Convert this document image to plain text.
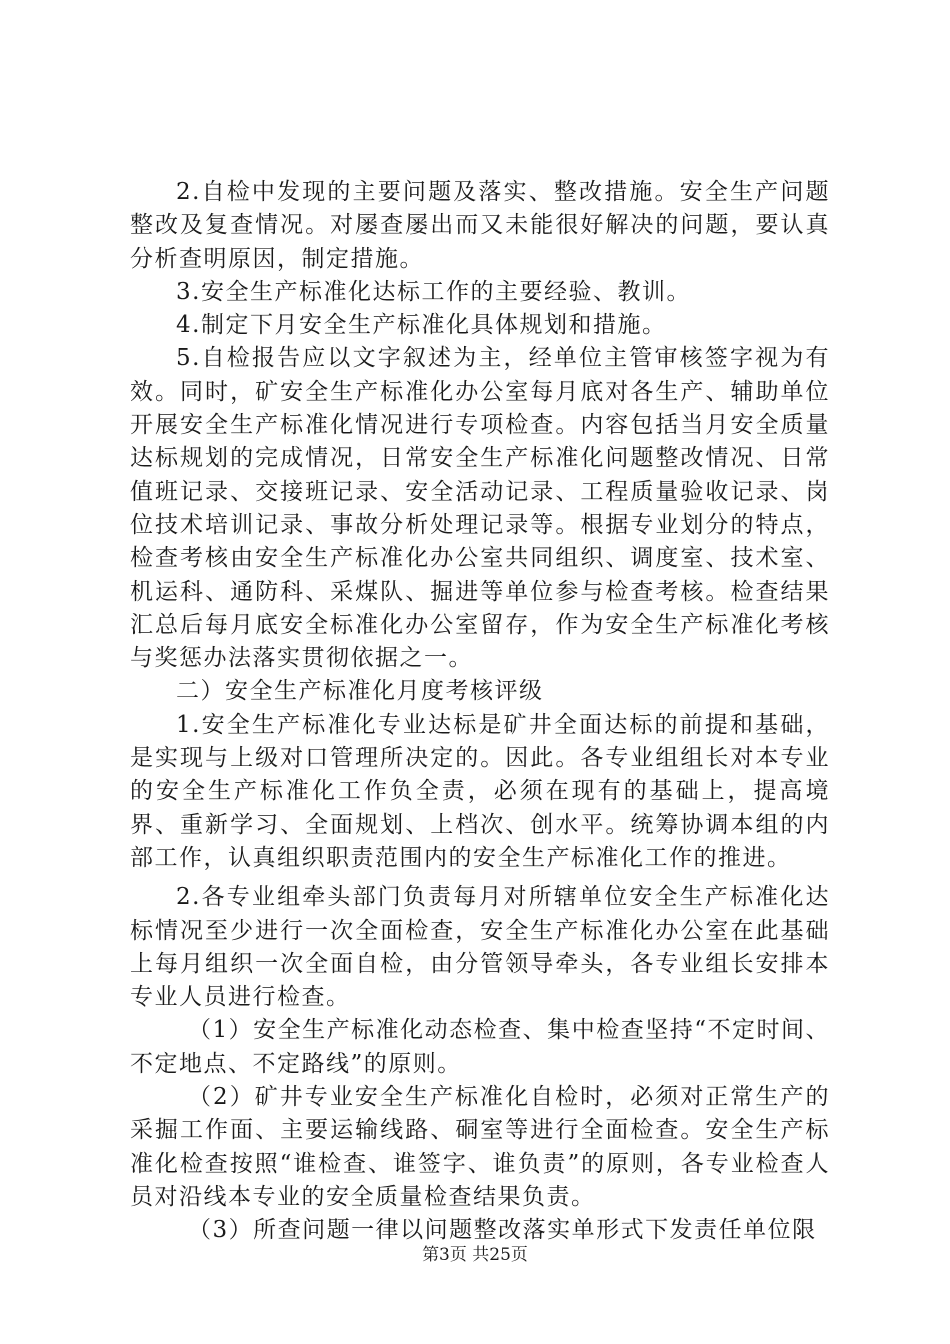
2.自检中发现的主要问题及落实、整改措施。安全生产问题整改及复查情况。对屡查屡出而又未能很好解决的问题，要认真分析查明原因，制定措施。

3.安全生产标准化达标工作的主要经验、教训。

4.制定下月安全生产标准化具体规划和措施。

5.自检报告应以文字叙述为主，经单位主管审核签字视为有效。同时，矿安全生产标准化办公室每月底对各生产、辅助单位开展安全生产标准化情况进行专项检查。内容包括当月安全质量达标规划的完成情况，日常安全生产标准化问题整改情况、日常值班记录、交接班记录、安全活动记录、工程质量验收记录、岗位技术培训记录、事故分析处理记录等。根据专业划分的特点，检查考核由安全生产标准化办公室共同组织、调度室、技术室、机运科、通防科、采煤队、掘进等单位参与检查考核。检查结果汇总后每月底安全标准化办公室留存，作为安全生产标准化考核与奖惩办法落实贯彻依据之一。

二）安全生产标准化月度考核评级

1.安全生产标准化专业达标是矿井全面达标的前提和基础，是实现与上级对口管理所决定的。因此。各专业组组长对本专业的安全生产标准化工作负全责，必须在现有的基础上，提高境界、重新学习、全面规划、上档次、创水平。统筹协调本组的内部工作，认真组织职责范围内的安全生产标准化工作的推进。

2.各专业组牵头部门负责每月对所辖单位安全生产标准化达标情况至少进行一次全面检查，安全生产标准化办公室在此基础上每月组织一次全面自检，由分管领导牵头，各专业组长安排本专业人员进行检查。

（1）安全生产标准化动态检查、集中检查坚持“不定时间、不定地点、不定路线”的原则。

（2）矿井专业安全生产标准化自检时，必须对正常生产的采掘工作面、主要运输线路、硐室等进行全面检查。安全生产标准化检查按照“谁检查、谁签字、谁负责”的原则，各专业检查人员对沿线本专业的安全质量检查结果负责。

（3）所查问题一律以问题整改落实单形式下发责任单位限

第3页 共25页
